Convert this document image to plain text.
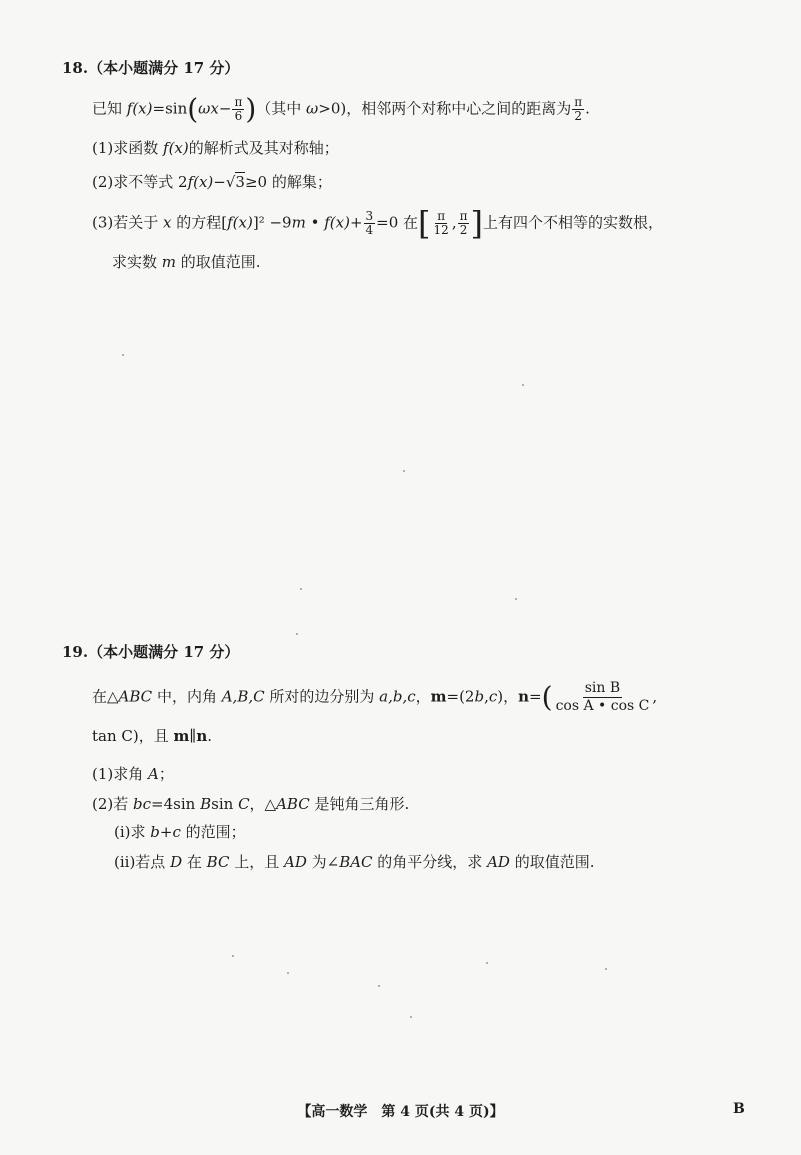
18.（本小题满分 17 分）
已知 $f(x)=\sin(\omega x- \frac{\pi}{6}$ )（其中 ω>0)，相邻两个对称中心之间的距离为 $\frac{\pi}{2}$ .
(1)求函数 f(x)的解析式及其对称轴；
(2)求不等式 2f(x)−√3≥0 的解集；
(3)若关于 x 的方程[f(x)]² −9m • $f(x)+ \frac{3}{4} =0$ 在[ $\frac{\pi}{12}$ , $\frac{\pi}{2}$ ]上有四个不相等的实数根，
求实数 m 的取值范围.
19.（本小题满分 17 分）
在△ABC 中，内角 A,B,C 所对的边分别为 a,b,c，m=(2b,c)，$n=( \frac{\text{sin B}}{\text{cos A • cos C}}$ ,
tan C)，且 m∥n.
(1)求角 A；
(2)若 bc=4sin Bsin C，△ABC 是钝角三角形.
(i)求 b+c 的范围；
(ii)若点 D 在 BC 上，且 AD 为∠BAC 的角平分线，求 AD 的取值范围.
【高一数学　第 4 页(共 4 页)】	B
